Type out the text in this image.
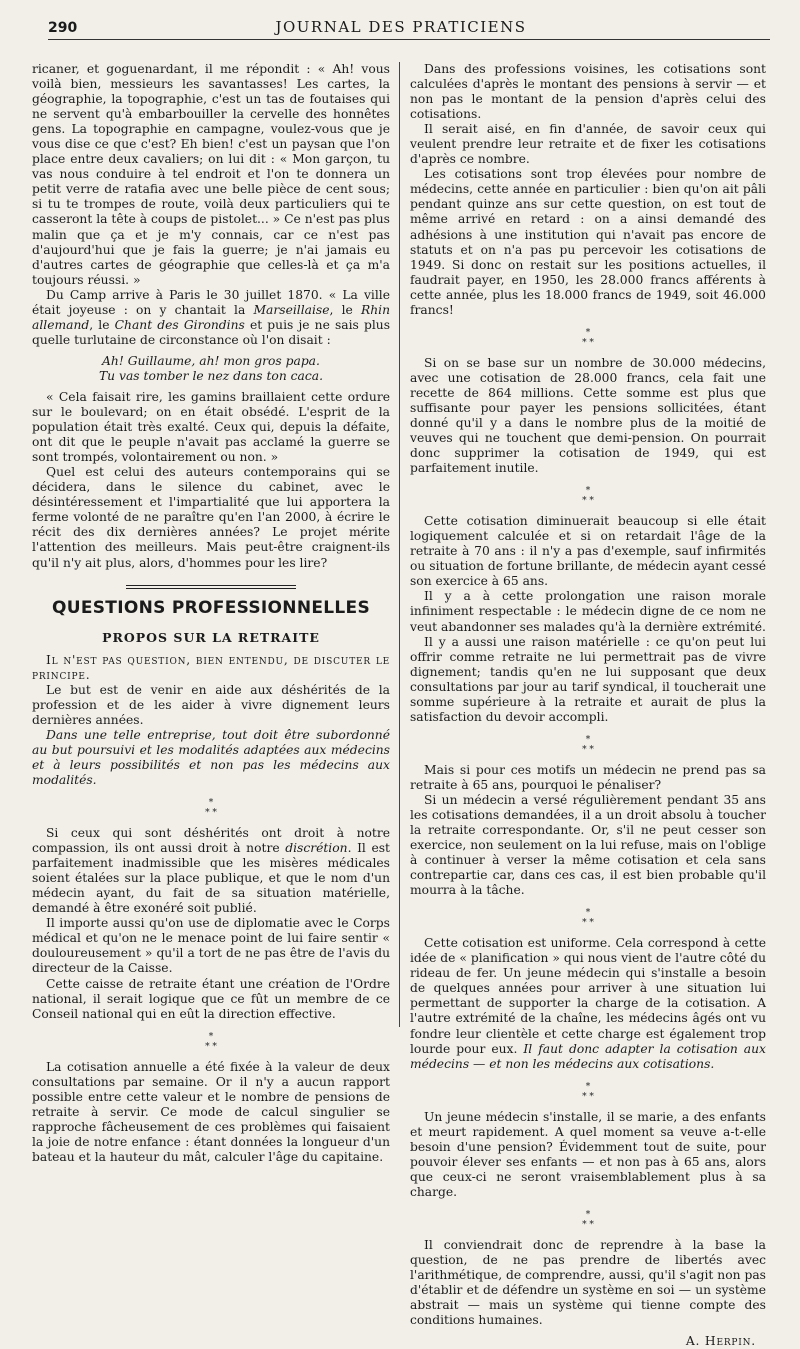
290	JOURNAL DES PRATICIENS

ricaner, et goguenardant, il me répondit : « Ah! vous voilà bien, messieurs les savantasses! Les cartes, la géographie, la topographie, c'est un tas de foutaises qui ne servent qu'à embarbouiller la cervelle des honnêtes gens. La topographie en campagne, voulez-vous que je vous dise ce que c'est? Eh bien! c'est un paysan que l'on place entre deux cavaliers; on lui dit : « Mon garçon, tu vas nous conduire à tel endroit et l'on te donnera un petit verre de ratafia avec une belle pièce de cent sous; si tu te trompes de route, voilà deux particuliers qui te casseront la tête à coups de pistolet... » Ce n'est pas plus malin que ça et je m'y connais, car ce n'est pas d'aujourd'hui que je fais la guerre; je n'ai jamais eu d'autres cartes de géographie que celles-là et ça m'a toujours réussi. »

Du Camp arrive à Paris le 30 juillet 1870. « La ville était joyeuse : on y chantait la Marseillaise, le Rhin allemand, le Chant des Girondins et puis je ne sais plus quelle turlutaine de circonstance où l'on disait :

Ah! Guillaume, ah! mon gros papa.
Tu vas tomber le nez dans ton caca.

« Cela faisait rire, les gamins braillaient cette ordure sur le boulevard; on en était obsédé. L'esprit de la population était très exalté. Ceux qui, depuis la défaite, ont dit que le peuple n'avait pas acclamé la guerre se sont trompés, volontairement ou non. »

Quel est celui des auteurs contemporains qui se décidera, dans le silence du cabinet, avec le désintéressement et l'impartialité que lui apportera la ferme volonté de ne paraître qu'en l'an 2000, à écrire le récit des dix dernières années? Le projet mérite l'attention des meilleurs. Mais peut-être craignent-ils qu'il n'y ait plus, alors, d'hommes pour les lire?

QUESTIONS PROFESSIONNELLES
PROPOS SUR LA RETRAITE

Il n'est pas question, bien entendu, de discuter le principe.

Le but est de venir en aide aux déshérités de la profession et de les aider à vivre dignement leurs dernières années.

Dans une telle entreprise, tout doit être subordonné au but poursuivi et les modalités adaptées aux médecins et à leurs possibilités et non pas les médecins aux modalités.

*
* *

Si ceux qui sont déshérités ont droit à notre compassion, ils ont aussi droit à notre discrétion. Il est parfaitement inadmissible que les misères médicales soient étalées sur la place publique, et que le nom d'un médecin ayant, du fait de sa situation matérielle, demandé à être exonéré soit publié.

Il importe aussi qu'on use de diplomatie avec le Corps médical et qu'on ne le menace point de lui faire sentir « douloureusement » qu'il a tort de ne pas être de l'avis du directeur de la Caisse.

Cette caisse de retraite étant une création de l'Ordre national, il serait logique que ce fût un membre de ce Conseil national qui en eût la direction effective.

*
* *

La cotisation annuelle a été fixée à la valeur de deux consultations par semaine. Or il n'y a aucun rapport possible entre cette valeur et le nombre de pensions de retraite à servir. Ce mode de calcul singulier se rapproche fâcheusement de ces problèmes qui faisaient la joie de notre enfance : étant données la longueur d'un bateau et la hauteur du mât, calculer l'âge du capitaine.

Dans des professions voisines, les cotisations sont calculées d'après le montant des pensions à servir — et non pas le montant de la pension d'après celui des cotisations.

Il serait aisé, en fin d'année, de savoir ceux qui veulent prendre leur retraite et de fixer les cotisations d'après ce nombre.

Les cotisations sont trop élevées pour nombre de médecins, cette année en particulier : bien qu'on ait pâli pendant quinze ans sur cette question, on est tout de même arrivé en retard : on a ainsi demandé des adhésions à une institution qui n'avait pas encore de statuts et on n'a pas pu percevoir les cotisations de 1949. Si donc on restait sur les positions actuelles, il faudrait payer, en 1950, les 28.000 francs afférents à cette année, plus les 18.000 francs de 1949, soit 46.000 francs!

*
* *

Si on se base sur un nombre de 30.000 médecins, avec une cotisation de 28.000 francs, cela fait une recette de 864 millions. Cette somme est plus que suffisante pour payer les pensions sollicitées, étant donné qu'il y a dans le nombre plus de la moitié de veuves qui ne touchent que demi-pension. On pourrait donc supprimer la cotisation de 1949, qui est parfaitement inutile.

*
* *

Cette cotisation diminuerait beaucoup si elle était logiquement calculée et si on retardait l'âge de la retraite à 70 ans : il n'y a pas d'exemple, sauf infirmités ou situation de fortune brillante, de médecin ayant cessé son exercice à 65 ans.

Il y a à cette prolongation une raison morale infiniment respectable : le médecin digne de ce nom ne veut abandonner ses malades qu'à la dernière extrémité.

Il y a aussi une raison matérielle : ce qu'on peut lui offrir comme retraite ne lui permettrait pas de vivre dignement; tandis qu'en ne lui supposant que deux consultations par jour au tarif syndical, il toucherait une somme supérieure à la retraite et aurait de plus la satisfaction du devoir accompli.

*
* *

Mais si pour ces motifs un médecin ne prend pas sa retraite à 65 ans, pourquoi le pénaliser?

Si un médecin a versé régulièrement pendant 35 ans les cotisations demandées, il a un droit absolu à toucher la retraite correspondante. Or, s'il ne peut cesser son exercice, non seulement on la lui refuse, mais on l'oblige à continuer à verser la même cotisation et cela sans contrepartie car, dans ces cas, il est bien probable qu'il mourra à la tâche.

*
* *

Cette cotisation est uniforme. Cela correspond à cette idée de « planification » qui nous vient de l'autre côté du rideau de fer. Un jeune médecin qui s'installe a besoin de quelques années pour arriver à une situation lui permettant de supporter la charge de la cotisation. A l'autre extrémité de la chaîne, les médecins âgés ont vu fondre leur clientèle et cette charge est également trop lourde pour eux. Il faut donc adapter la cotisation aux médecins — et non les médecins aux cotisations.

*
* *

Un jeune médecin s'installe, il se marie, a des enfants et meurt rapidement. A quel moment sa veuve a-t-elle besoin d'une pension? Évidemment tout de suite, pour pouvoir élever ses enfants — et non pas à 65 ans, alors que ceux-ci ne seront vraisemblablement plus à sa charge.

*
* *

Il conviendrait donc de reprendre à la base la question, de ne pas prendre de libertés avec l'arithmétique, de comprendre, aussi, qu'il s'agit non pas d'établir et de défendre un système en soi — un système abstrait — mais un système qui tienne compte des conditions humaines.

A. Herpin.
